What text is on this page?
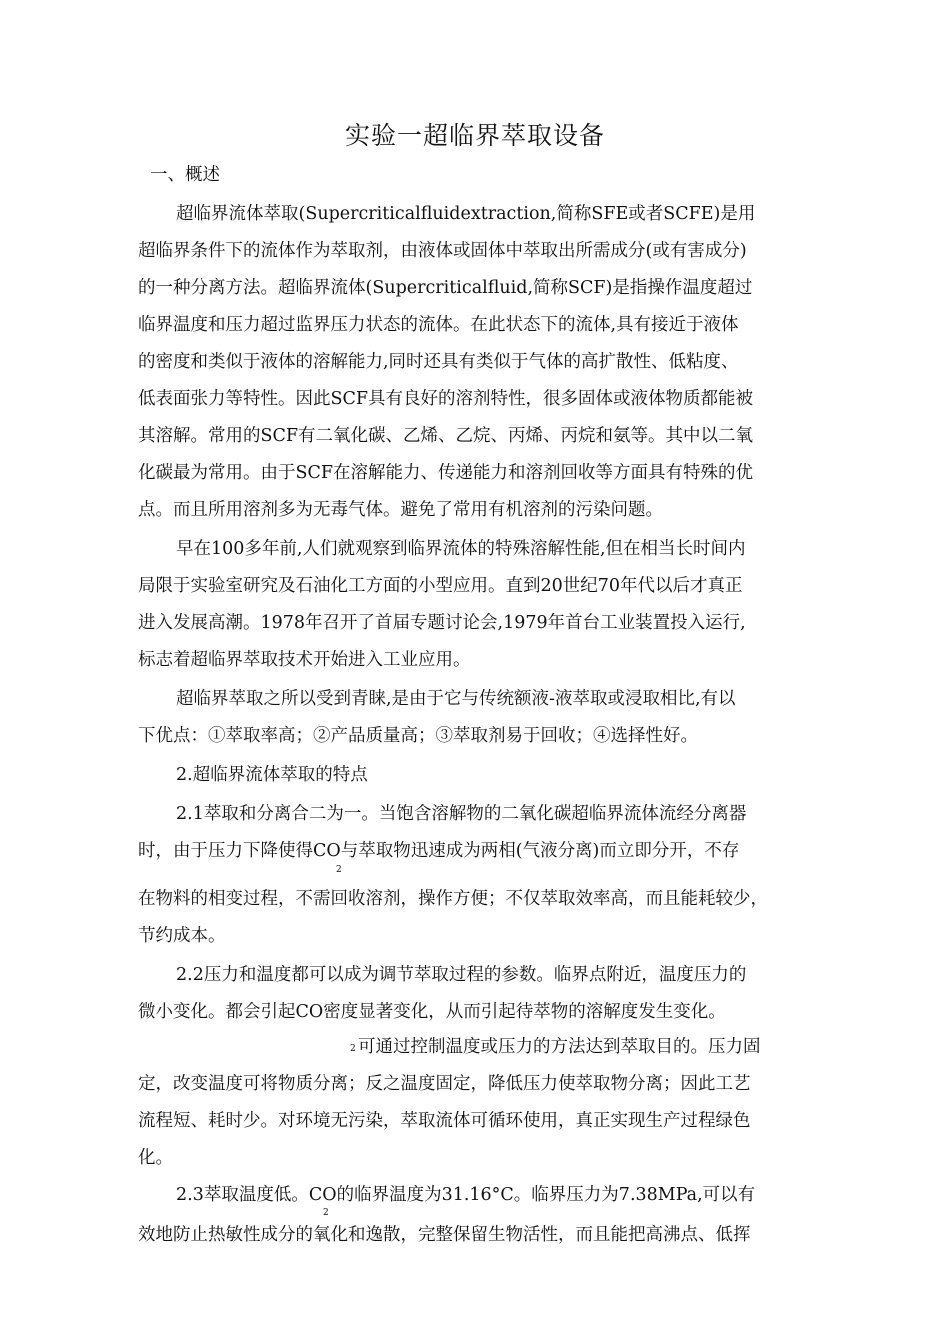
实验一超临界萃取设备
一、概述
超临界流体萃取(Supercriticalfluidextraction,简称SFE或者SCFE)是用
超临界条件下的流体作为萃取剂，由液体或固体中萃取出所需成分(或有害成分)
的一种分离方法。超临界流体(Supercriticalfluid,简称SCF)是指操作温度超过
临界温度和压力超过监界压力状态的流体。在此状态下的流体,具有接近于液体
的密度和类似于液体的溶解能力,同时还具有类似于气体的高扩散性、低粘度、
低表面张力等特性。因此SCF具有良好的溶剂特性，很多固体或液体物质都能被
其溶解。常用的SCF有二氧化碳、乙烯、乙烷、丙烯、丙烷和氨等。其中以二氧
化碳最为常用。由于SCF在溶解能力、传递能力和溶剂回收等方面具有特殊的优
点。而且所用溶剂多为无毒气体。避免了常用有机溶剂的污染问题。
早在100多年前,人们就观察到临界流体的特殊溶解性能,但在相当长时间内
局限于实验室研究及石油化工方面的小型应用。直到20世纪70年代以后才真正
进入发展高潮。1978年召开了首届专题讨论会,1979年首台工业装置投入运行,
标志着超临界萃取技术开始进入工业应用。
超临界萃取之所以受到青睐,是由于它与传统额液-液萃取或浸取相比,有以
下优点：①萃取率高；②产品质量高；③萃取剂易于回收；④选择性好。
2.超临界流体萃取的特点
2.1萃取和分离合二为一。当饱含溶解物的二氧化碳超临界流体流经分离器
时，由于压力下降使得CO与萃取物迅速成为两相(气液分离)而立即分开，不存
2
在物料的相变过程，不需回收溶剂，操作方便；不仅萃取效率高，而且能耗较少，
节约成本。
2.2压力和温度都可以成为调节萃取过程的参数。临界点附近，温度压力的
微小变化。都会引起CO密度显著变化，从而引起待萃物的溶解度发生变化。
2 可通过控制温度或压力的方法达到萃取目的。压力固
定，改变温度可将物质分离；反之温度固定，降低压力使萃取物分离；因此工艺
流程短、耗时少。对环境无污染，萃取流体可循环使用，真正实现生产过程绿色
化。
2.3萃取温度低。CO的临界温度为31.16°C。临界压力为7.38MPa,可以有
2
效地防止热敏性成分的氧化和逸散，完整保留生物活性，而且能把高沸点、低挥
